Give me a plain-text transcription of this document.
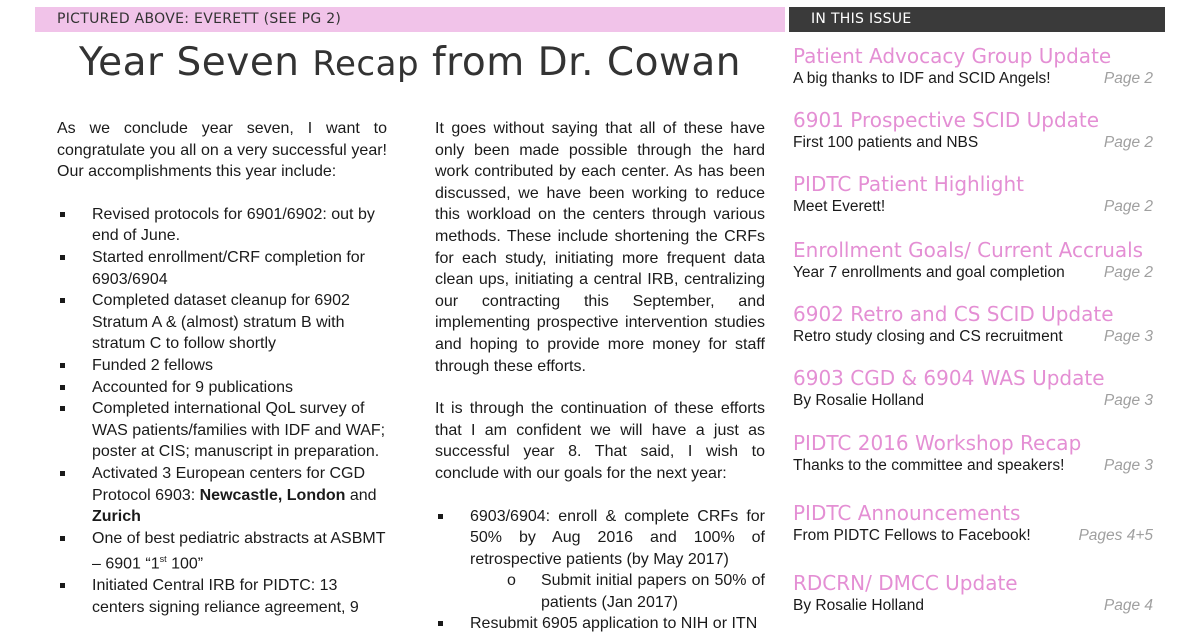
PICTURED ABOVE: EVERETT (SEE PG 2)	IN THIS ISSUE
Year Seven Recap from Dr. Cowan

As we conclude year seven, I want to congratulate you all on a very successful year! Our accomplishments this year include:

Revised protocols for 6901/6902: out by end of June.
Started enrollment/CRF completion for 6903/6904
Completed dataset cleanup for 6902 Stratum A & (almost) stratum B with stratum C to follow shortly
Funded 2 fellows
Accounted for 9 publications
Completed international QoL survey of WAS patients/families with IDF and WAF; poster at CIS; manuscript in preparation.
Activated 3 European centers for CGD Protocol 6903: Newcastle, London and Zurich
One of best pediatric abstracts at ASBMT – 6901 “1st 100”
Initiated Central IRB for PIDTC: 13 centers signing reliance agreement, 9

It goes without saying that all of these have only been made possible through the hard work contributed by each center. As has been discussed, we have been working to reduce this workload on the centers through various methods. These include shortening the CRFs for each study, initiating more frequent data clean ups, initiating a central IRB, centralizing our contracting this September, and implementing prospective intervention studies and hoping to provide more money for staff through these efforts.

It is through the continuation of these efforts that I am confident we will have a just as successful year 8. That said, I wish to conclude with our goals for the next year:

6903/6904: enroll & complete CRFs for 50% by Aug 2016 and 100% of retrospective patients (by May 2017)
o Submit initial papers on 50% of patients (Jan 2017)
Resubmit 6905 application to NIH or ITN
Patient Advocacy Group Update
A big thanks to IDF and SCID Angels!	Page 2
6901 Prospective SCID Update
First 100 patients and NBS	Page 2
PIDTC Patient Highlight
Meet Everett!	Page 2
Enrollment Goals/ Current Accruals
Year 7 enrollments and goal completion	Page 2
6902 Retro and CS SCID Update
Retro study closing and CS recruitment	Page 3
6903 CGD & 6904 WAS Update
By Rosalie Holland	Page 3
PIDTC 2016 Workshop Recap
Thanks to the committee and speakers!	Page 3
PIDTC Announcements
From PIDTC Fellows to Facebook!	Pages 4+5
RDCRN/ DMCC Update
By Rosalie Holland	Page 4
